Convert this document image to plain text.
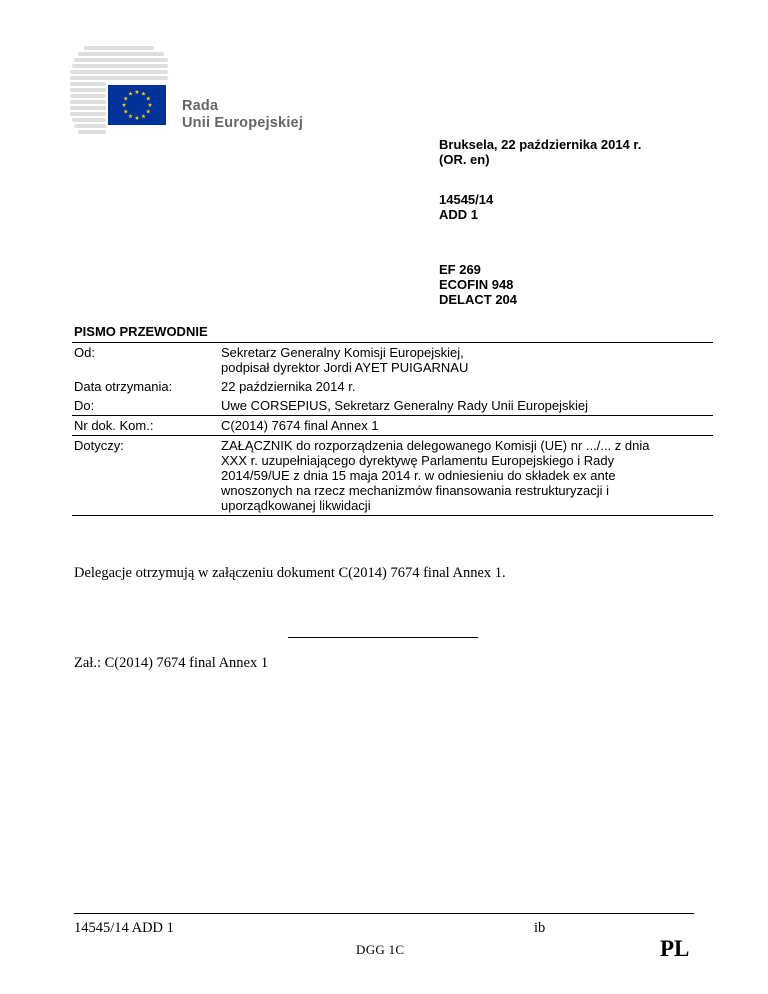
Rada
Unii Europejskiej
Bruksela, 22 października 2014 r.
(OR. en)
14545/14
ADD 1
EF 269
ECOFIN 948
DELACT 204
PISMO PRZEWODNIE
Od:	Sekretarz Generalny Komisji Europejskiej,
podpisał dyrektor Jordi AYET PUIGARNAU

Data otrzymania:	22 października 2014 r.
Do:	Uwe CORSEPIUS, Sekretarz Generalny Rady Unii Europejskiej
Nr dok. Kom.:	C(2014) 7674 final Annex 1
Dotyczy:	ZAŁĄCZNIK do rozporządzenia delegowanego Komisji (UE) nr .../... z dnia
XXX r. uzupełniającego dyrektywę Parlamentu Europejskiego i Rady
2014/59/UE z dnia 15 maja 2014 r. w odniesieniu do składek ex ante
wnoszonych na rzecz mechanizmów finansowania restrukturyzacji i
uporządkowanej likwidacji
Delegacje otrzymują w załączeniu dokument C(2014) 7674 final Annex 1.
Zał.: C(2014) 7674 final Annex 1
14545/14 ADD 1	ib
DGG 1C	PL
